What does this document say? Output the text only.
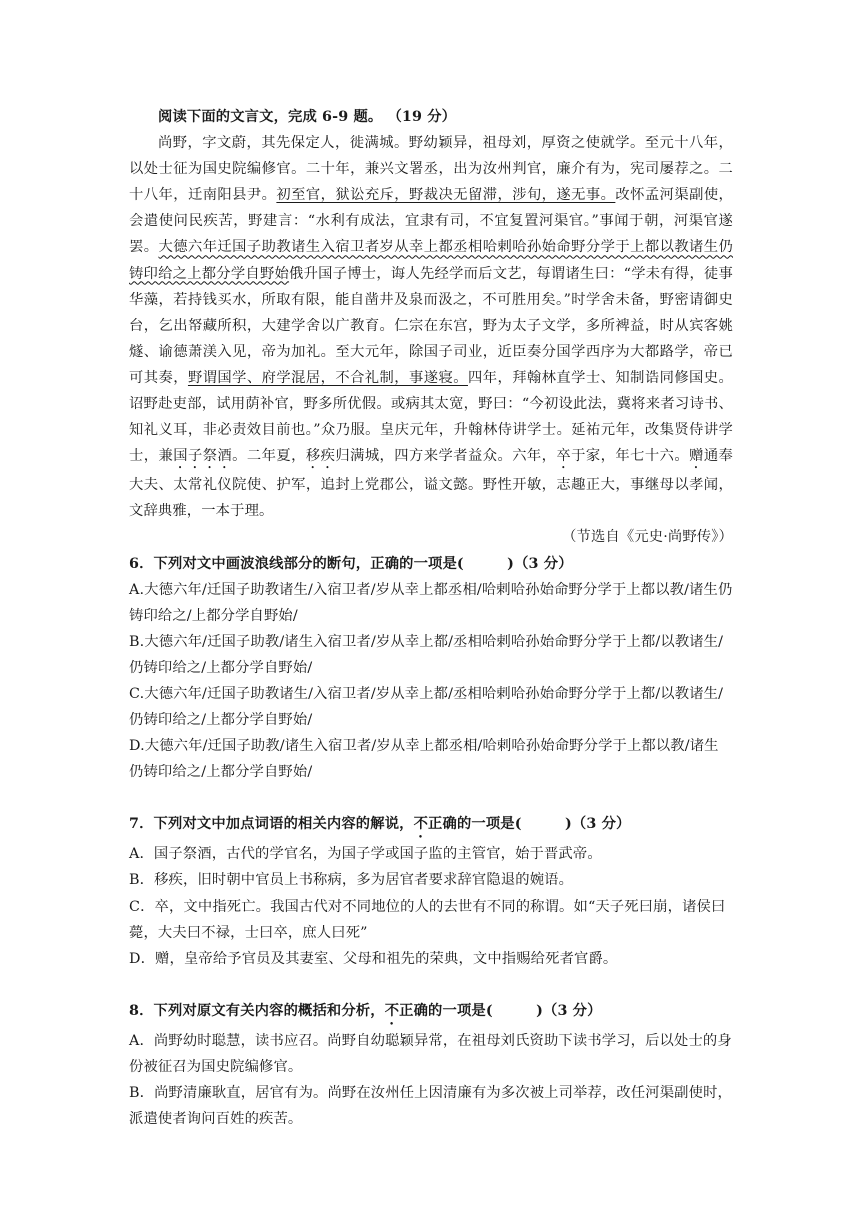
阅读下面的文言文，完成 6-9 题。 （19 分）

尚野，字文蔚，其先保定人，徙满城。野幼颖异，祖母刘，厚资之使就学。至元十八年，以处士征为国史院编修官。二十年，兼兴文署丞，出为汝州判官，廉介有为，宪司屡荐之。二十八年，迁南阳县尹。初至官，狱讼充斥，野裁决无留滞，涉旬，遂无事。改怀孟河渠副使，会遣使问民疾苦，野建言：“水利有成法，宜隶有司，不宜复置河渠官。”事闻于朝，河渠官遂罢。大德六年迁国子助教诸生入宿卫者岁从幸上都丞相哈剌哈孙始命野分学于上都以教诸生仍铸印给之上都分学自野始俄升国子博士，诲人先经学而后文艺，每谓诸生曰：“学未有得，徒事华藻，若持钱买水，所取有限，能自凿井及泉而汲之，不可胜用矣。”时学舍未备，野密请御史台，乞出帑藏所积，大建学舍以广教育。仁宗在东宫，野为太子文学，多所裨益，时从宾客姚燧、谕德萧渼入见，帝为加礼。至大元年，除国子司业，近臣奏分国学西序为大都路学，帝已可其奏，野谓国学、府学混居，不合礼制，事遂寝。四年，拜翰林直学士、知制诰同修国史。诏野赴吏部，试用荫补官，野多所优假。或病其太宽，野曰：“今初设此法，冀将来者习诗书、知礼义耳，非必责效目前也。”众乃服。皇庆元年，升翰林侍讲学士。延祐元年，改集贤侍讲学士，兼国子祭酒。二年夏，移疾归满城，四方来学者益众。六年，卒于家，年七十六。赠通奉大夫、太常礼仪院使、护军，追封上党郡公，谥文懿。野性开敏，志趣正大，事继母以孝闻，文辞典雅，一本于理。

（节选自《元史·尚野传》）

6．下列对文中画波浪线部分的断句，正确的一项是(　　　)（3 分）

A.大德六年/迁国子助教诸生/入宿卫者/岁从幸上都丞相/哈剌哈孙始命野分学于上都以教/诸生仍铸印给之/上都分学自野始/

B.大德六年/迁国子助教/诸生入宿卫者/岁从幸上都/丞相哈剌哈孙始命野分学于上都/以教诸生/仍铸印给之/上都分学自野始/

C.大德六年/迁国子助教诸生/入宿卫者/岁从幸上都/丞相哈剌哈孙始命野分学于上都/以教诸生/仍铸印给之/上都分学自野始/

D.大德六年/迁国子助教/诸生入宿卫者/岁从幸上都丞相/哈剌哈孙始命野分学于上都以教/诸生仍铸印给之/上都分学自野始/

7．下列对文中加点词语的相关内容的解说，不正确的一项是(　　　)（3 分）

A．国子祭酒，古代的学官名，为国子学或国子监的主管官，始于晋武帝。

B．移疾，旧时朝中官员上书称病，多为居官者要求辞官隐退的婉语。

C．卒，文中指死亡。我国古代对不同地位的人的去世有不同的称谓。如“天子死曰崩，诸侯曰薨，大夫曰不禄，士曰卒，庶人曰死”

D．赠，皇帝给予官员及其妻室、父母和祖先的荣典，文中指赐给死者官爵。

8．下列对原文有关内容的概括和分析，不正确的一项是(　　　)（3 分）

A．尚野幼时聪慧，读书应召。尚野自幼聪颖异常，在祖母刘氏资助下读书学习，后以处士的身份被征召为国史院编修官。

B．尚野清廉耿直，居官有为。尚野在汝州任上因清廉有为多次被上司举荐，改任河渠副使时，派遣使者询问百姓的疾苦。
